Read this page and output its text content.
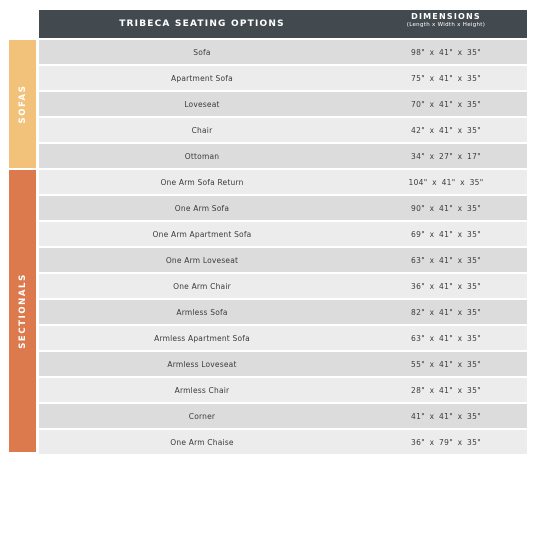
TRIBECA SEATING OPTIONS
DIMENSIONS
(Length x Width x Height)
SOFAS
SECTIONALS
Sofa	98" x 41" x 35"
Apartment Sofa	75" x 41" x 35"
Loveseat	70" x 41" x 35"
Chair	42" x 41" x 35"
Ottoman	34" x 27" x 17"
One Arm Sofa Return	104" x 41" x 35"
One Arm Sofa	90" x 41" x 35"
One Arm Apartment Sofa	69" x 41" x 35"
One Arm Loveseat	63" x 41" x 35"
One Arm Chair	36" x 41" x 35"
Armless Sofa	82" x 41" x 35"
Armless Apartment Sofa	63" x 41" x 35"
Armless Loveseat	55" x 41" x 35"
Armless Chair	28" x 41" x 35"
Corner	41" x 41" x 35"
One Arm Chaise	36" x 79" x 35"
